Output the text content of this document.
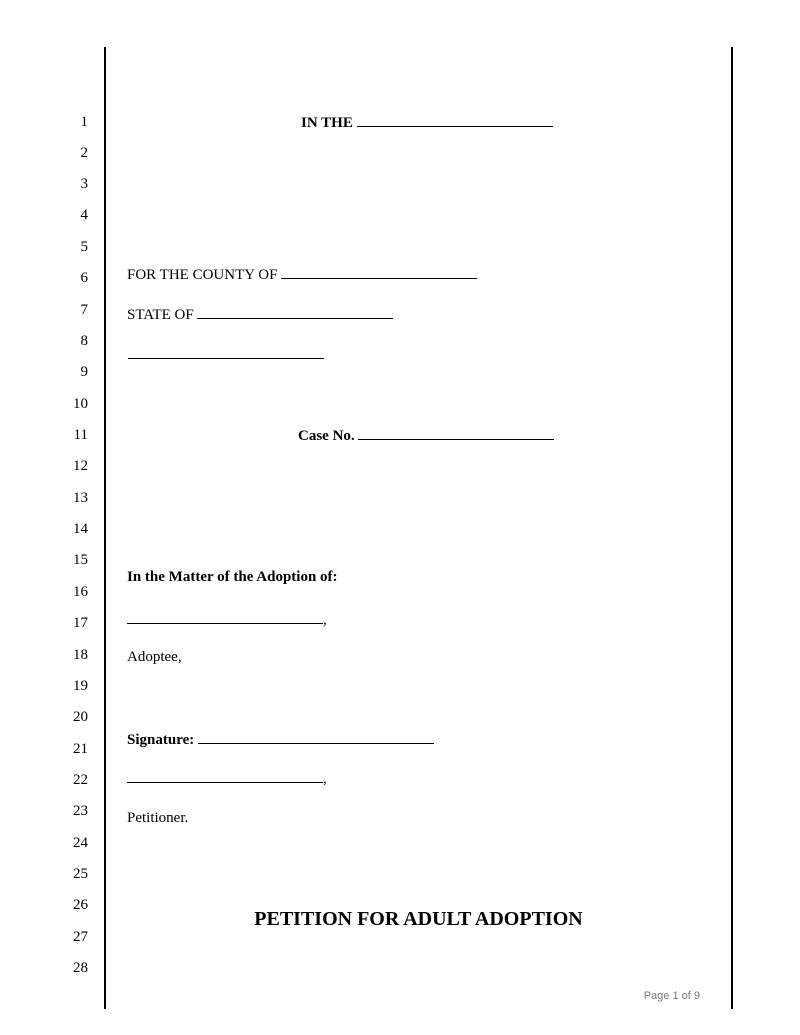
1
2
3
4
5
6
7
8
9
10
11
12
13
14
15
16
17
18
19
20
21
22
23
24
25
26
27
28
IN THE
FOR THE COUNTY OF
STATE OF
Case No.
In the Matter of the Adoption of:
,
Adoptee,
Signature:
,
Petitioner.
PETITION FOR ADULT ADOPTION
Page 1 of 9
